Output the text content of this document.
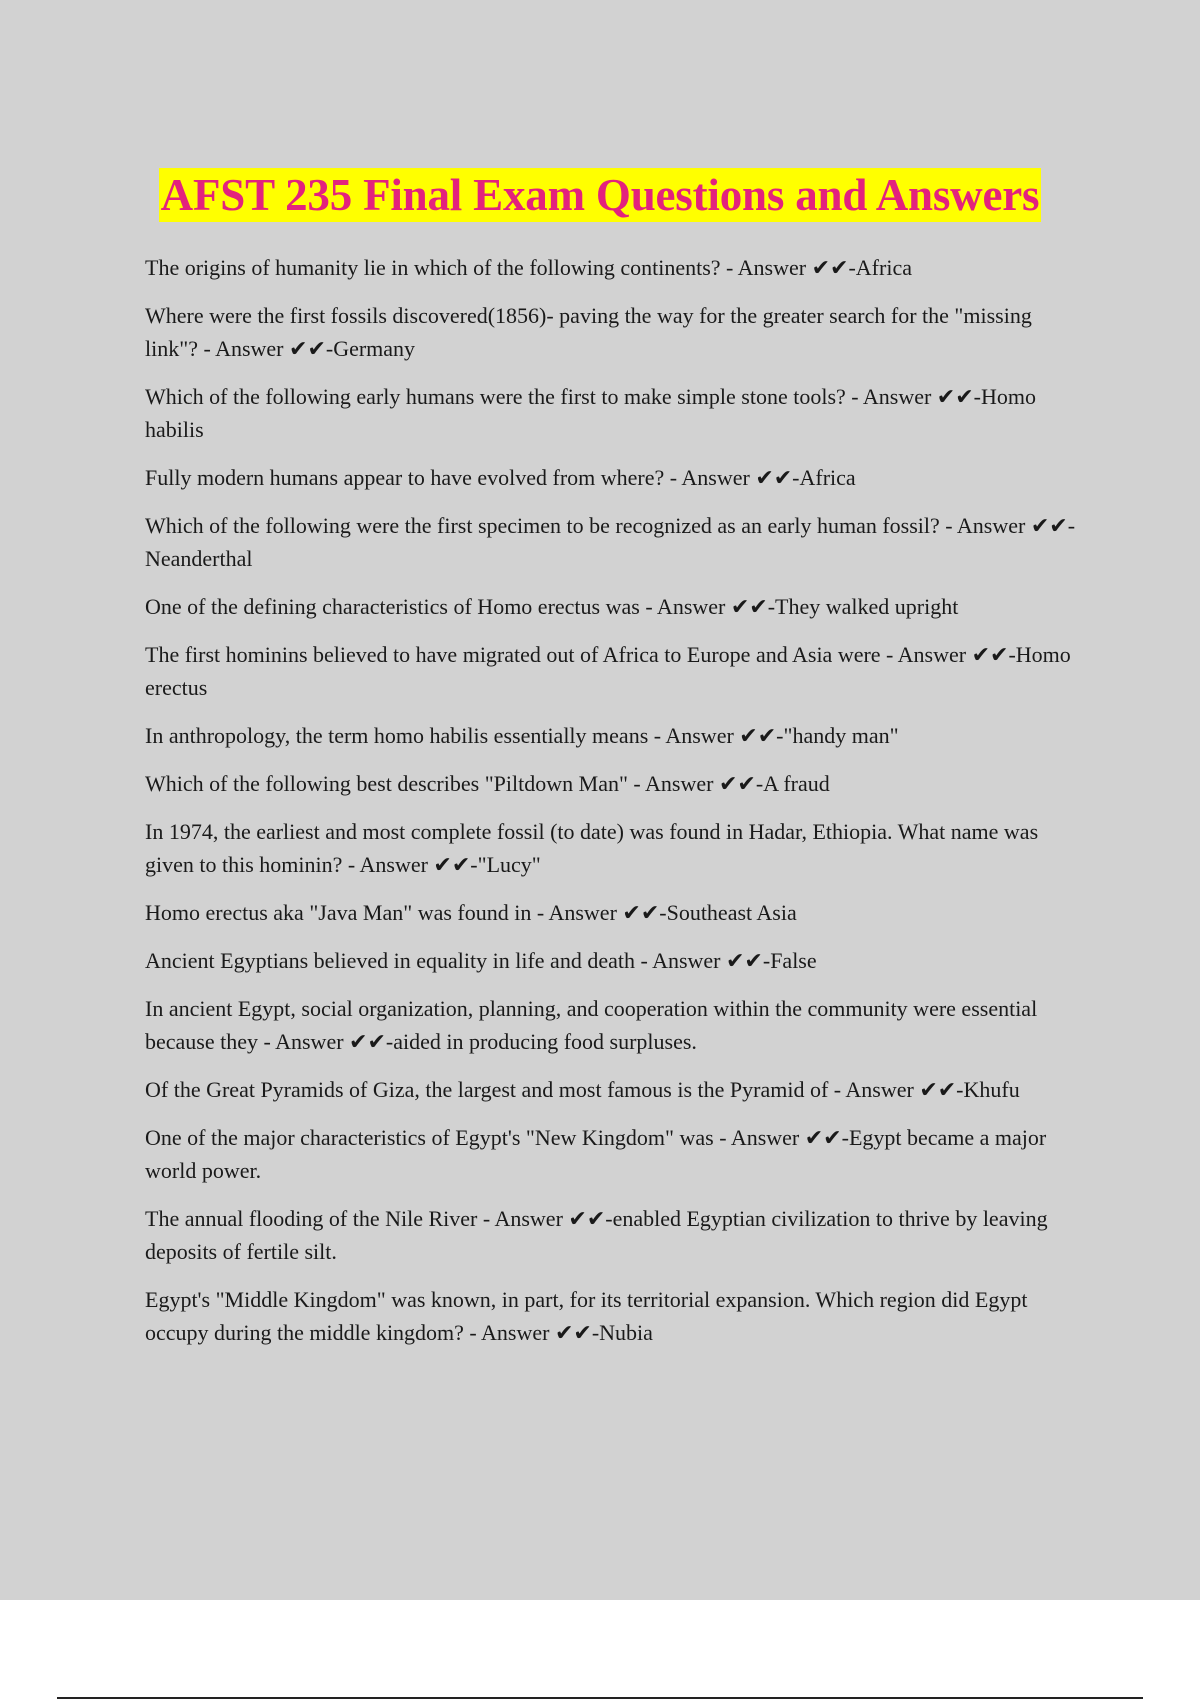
AFST 235 Final Exam Questions and Answers
The origins of humanity lie in which of the following continents? - Answer ✔✔-Africa
Where were the first fossils discovered(1856)- paving the way for the greater search for the "missing link"? - Answer ✔✔-Germany
Which of the following early humans were the first to make simple stone tools? - Answer ✔✔-Homo habilis
Fully modern humans appear to have evolved from where? - Answer ✔✔-Africa
Which of the following were the first specimen to be recognized as an early human fossil? - Answer ✔✔-Neanderthal
One of the defining characteristics of Homo erectus was - Answer ✔✔-They walked upright
The first hominins believed to have migrated out of Africa to Europe and Asia were - Answer ✔✔-Homo erectus
In anthropology, the term homo habilis essentially means - Answer ✔✔-"handy man"
Which of the following best describes "Piltdown Man" - Answer ✔✔-A fraud
In 1974, the earliest and most complete fossil (to date) was found in Hadar, Ethiopia. What name was given to this hominin? - Answer ✔✔-"Lucy"
Homo erectus aka "Java Man" was found in - Answer ✔✔-Southeast Asia
Ancient Egyptians believed in equality in life and death - Answer ✔✔-False
In ancient Egypt, social organization, planning, and cooperation within the community were essential because they - Answer ✔✔-aided in producing food surpluses.
Of the Great Pyramids of Giza, the largest and most famous is the Pyramid of - Answer ✔✔-Khufu
One of the major characteristics of Egypt's "New Kingdom" was - Answer ✔✔-Egypt became a major world power.
The annual flooding of the Nile River - Answer ✔✔-enabled Egyptian civilization to thrive by leaving deposits of fertile silt.
Egypt's "Middle Kingdom" was known, in part, for its territorial expansion. Which region did Egypt occupy during the middle kingdom? - Answer ✔✔-Nubia
